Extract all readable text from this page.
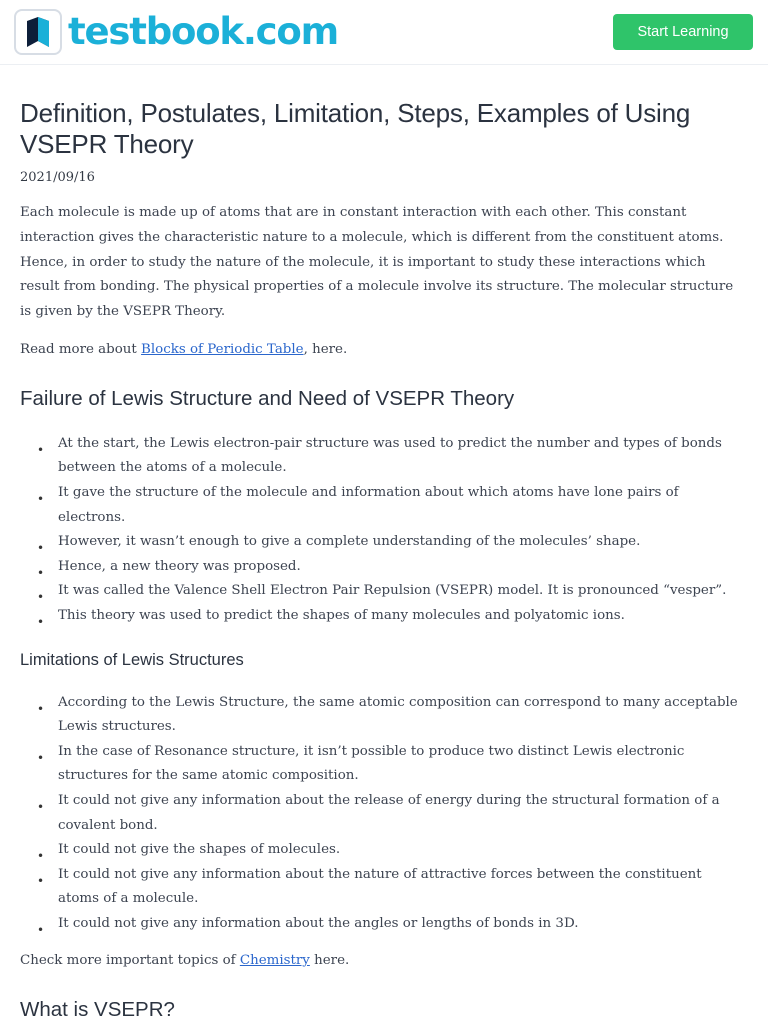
testbook.com	Start Learning
Definition, Postulates, Limitation, Steps, Examples of Using VSEPR Theory
2021/09/16

Each molecule is made up of atoms that are in constant interaction with each other. This constant interaction gives the characteristic nature to a molecule, which is different from the constituent atoms. Hence, in order to study the nature of the molecule, it is important to study these interactions which result from bonding. The physical properties of a molecule involve its structure. The molecular structure is given by the VSEPR Theory.

Read more about Blocks of Periodic Table, here.

Failure of Lewis Structure and Need of VSEPR Theory
• At the start, the Lewis electron-pair structure was used to predict the number and types of bonds between the atoms of a molecule.
• It gave the structure of the molecule and information about which atoms have lone pairs of electrons.
• However, it wasn’t enough to give a complete understanding of the molecules’ shape.
• Hence, a new theory was proposed.
• It was called the Valence Shell Electron Pair Repulsion (VSEPR) model. It is pronounced “vesper”.
• This theory was used to predict the shapes of many molecules and polyatomic ions.
Limitations of Lewis Structures
• According to the Lewis Structure, the same atomic composition can correspond to many acceptable Lewis structures.
• In the case of Resonance structure, it isn’t possible to produce two distinct Lewis electronic structures for the same atomic composition.
• It could not give any information about the release of energy during the structural formation of a covalent bond.
• It could not give the shapes of molecules.
• It could not give any information about the nature of attractive forces between the constituent atoms of a molecule.
• It could not give any information about the angles or lengths of bonds in 3D.

Check more important topics of Chemistry here.

What is VSEPR?
